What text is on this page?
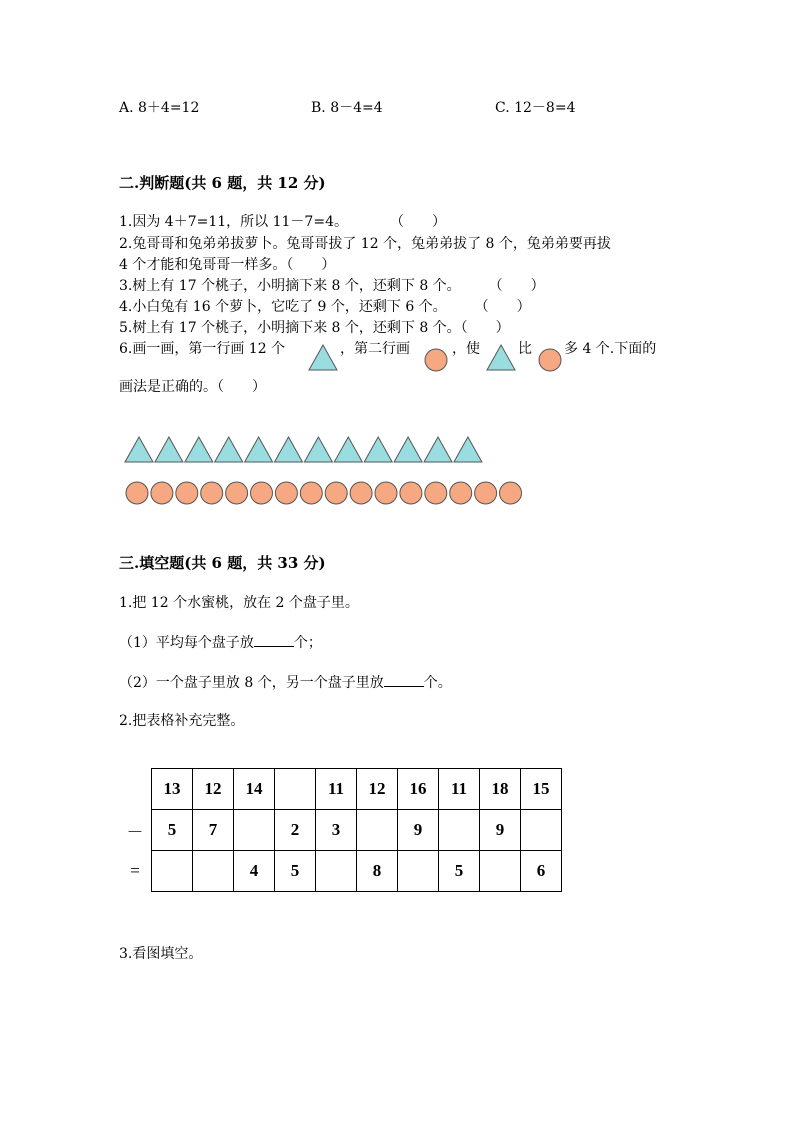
A. 8＋4=12	B. 8－4=4	C. 12－8=4
二.判断题(共 6 题，共 12 分)
1.因为 4＋7=11，所以 11－7=4。　　　　（　　）
2.兔哥哥和兔弟弟拔萝卜。兔哥哥拔了 12 个，兔弟弟拔了 8 个，兔弟弟要再拔
4 个才能和兔哥哥一样多。（　　）
3.树上有 17 个桃子，小明摘下来 8 个，还剩下 8 个。　　　（　　）
4.小白兔有 16 个萝卜，它吃了 9 个，还剩下 6 个。　　　（　　）
5.树上有 17 个桃子，小明摘下来 8 个，还剩下 8 个。（　　）
6.画一画，第一行画 12 个	，第二行画	，使	比 多 4 个.下面的
画法是正确的。（　　）
三.填空题(共 6 题，共 33 分)
1.把 12 个水蜜桃，放在 2 个盘子里。
（1）平均每个盘子放	个；
（2）一个盘子里放 8 个，另一个盘子里放	个。
2.把表格补充完整。
	13	12	14		11	12	16	11	18	15
－	5	7		2	3		9		9	
=			4	5		8		5		6
3.看图填空。
